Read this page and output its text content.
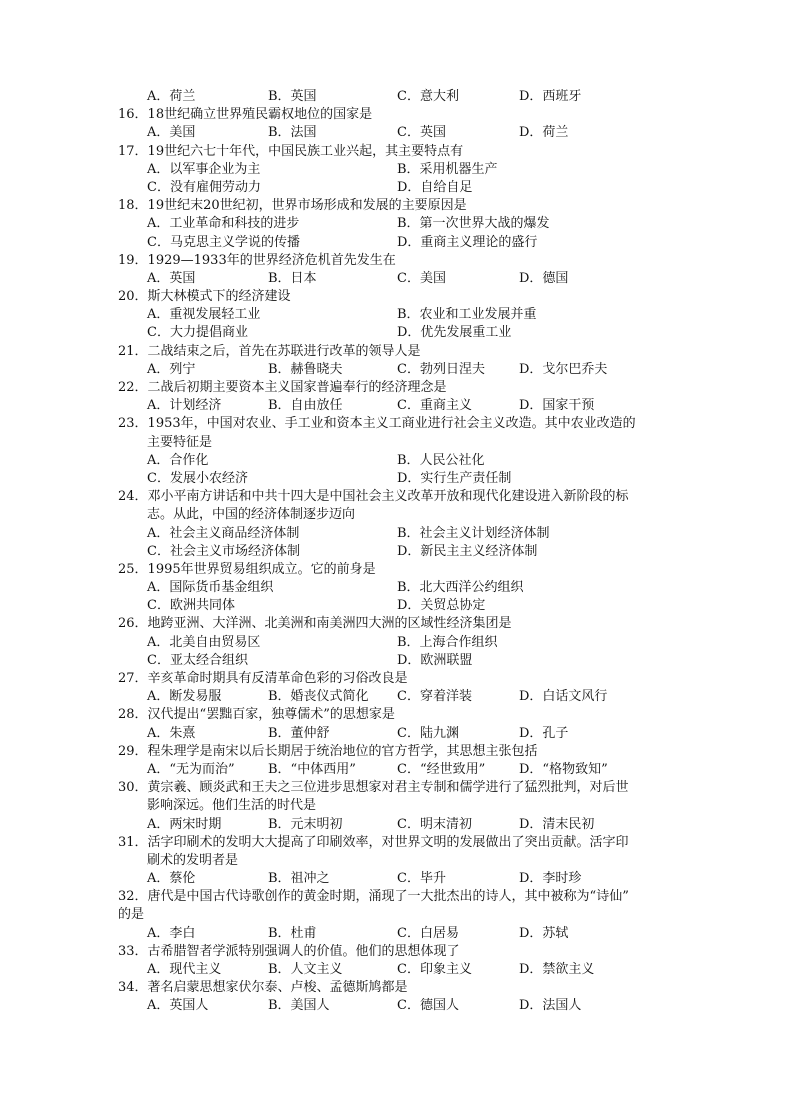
A．荷兰	B．英国	C．意大利	D．西班牙
16．18世纪确立世界殖民霸权地位的国家是
A．美国	B．法国	C．英国	D．荷兰
17．19世纪六七十年代，中国民族工业兴起，其主要特点有
A．以军事企业为主	B．采用机器生产
C．没有雇佣劳动力	D．自给自足
18．19世纪末20世纪初，世界市场形成和发展的主要原因是
A．工业革命和科技的进步	B．第一次世界大战的爆发
C．马克思主义学说的传播	D．重商主义理论的盛行
19．1929—1933年的世界经济危机首先发生在
A．英国	B．日本	C．美国	D．德国
20．斯大林模式下的经济建设
A．重视发展轻工业	B．农业和工业发展并重
C．大力提倡商业	D．优先发展重工业
21．二战结束之后，首先在苏联进行改革的领导人是
A．列宁	B．赫鲁晓夫	C．勃列日涅夫	D．戈尔巴乔夫
22．二战后初期主要资本主义国家普遍奉行的经济理念是
A．计划经济	B．自由放任	C．重商主义	D．国家干预
23．1953年，中国对农业、手工业和资本主义工商业进行社会主义改造。其中农业改造的
主要特征是
A．合作化	B．人民公社化
C．发展小农经济	D．实行生产责任制
24．邓小平南方讲话和中共十四大是中国社会主义改革开放和现代化建设进入新阶段的标
志。从此，中国的经济体制逐步迈向
A．社会主义商品经济体制	B．社会主义计划经济体制
C．社会主义市场经济体制	D．新民主主义经济体制
25．1995年世界贸易组织成立。它的前身是
A．国际货币基金组织	B．北大西洋公约组织
C．欧洲共同体	D．关贸总协定
26．地跨亚洲、大洋洲、北美洲和南美洲四大洲的区域性经济集团是
A．北美自由贸易区	B．上海合作组织
C．亚太经合组织	D．欧洲联盟
27．辛亥革命时期具有反清革命色彩的习俗改良是
A．断发易服	B．婚丧仪式简化 C．穿着洋装	D．白话文风行
28．汉代提出“罢黜百家，独尊儒术”的思想家是
A．朱熹	B．董仲舒	C．陆九渊	D．孔子
29．程朱理学是南宋以后长期居于统治地位的官方哲学，其思想主张包括
A．“无为而治”	B．“中体西用”	C．“经世致用”	D．“格物致知”
30．黄宗羲、顾炎武和王夫之三位进步思想家对君主专制和儒学进行了猛烈批判，对后世
影响深远。他们生活的时代是
A．两宋时期	B．元末明初	C．明末清初	D．清末民初
31．活字印刷术的发明大大提高了印刷效率，对世界文明的发展做出了突出贡献。活字印
刷术的发明者是
A．蔡伦	B．祖冲之	C．毕升	D．李时珍
32．唐代是中国古代诗歌创作的黄金时期，涌现了一大批杰出的诗人，其中被称为“诗仙”
的是
A．李白	B．杜甫	C．白居易	D．苏轼
33．古希腊智者学派特别强调人的价值。他们的思想体现了
A．现代主义	B．人文主义	C．印象主义	D．禁欲主义
34．著名启蒙思想家伏尔泰、卢梭、孟德斯鸠都是
A．英国人	B．美国人	C．德国人	D．法国人
